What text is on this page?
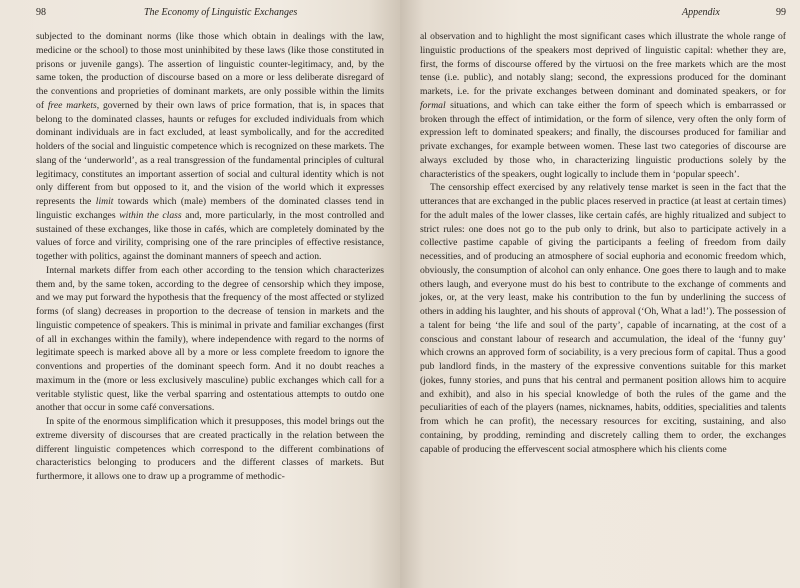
98	The Economy of Linguistic Exchanges

subjected to the dominant norms (like those which obtain in dealings with the law, medicine or the school) to those most uninhibited by these laws (like those constituted in prisons or juvenile gangs). The assertion of linguistic counter-legitimacy, and, by the same token, the production of discourse based on a more or less deliberate disregard of the conventions and proprieties of dominant markets, are only possible within the limits of free markets, governed by their own laws of price formation, that is, in spaces that belong to the dominated classes, haunts or refuges for excluded individuals from which dominant individuals are in fact excluded, at least symbolically, and for the accredited holders of the social and linguistic competence which is recognized on these markets. The slang of the ‘underworld’, as a real transgression of the fundamental principles of cultural legitimacy, constitutes an important assertion of social and cultural identity which is not only different from but opposed to it, and the vision of the world which it expresses represents the limit towards which (male) members of the dominated classes tend in linguistic exchanges within the class and, more particularly, in the most controlled and sustained of these exchanges, like those in cafés, which are completely dominated by the values of force and virility, comprising one of the rare principles of effective resistance, together with politics, against the dominant manners of speech and action.

Internal markets differ from each other according to the tension which characterizes them and, by the same token, according to the degree of censorship which they impose, and we may put forward the hypothesis that the frequency of the most affected or stylized forms (of slang) decreases in proportion to the decrease of tension in markets and the linguistic competence of speakers. This is minimal in private and familiar exchanges (first of all in exchanges within the family), where independence with regard to the norms of legitimate speech is marked above all by a more or less complete freedom to ignore the conventions and properties of the dominant speech form. And it no doubt reaches a maximum in the (more or less exclusively masculine) public exchanges which call for a veritable stylistic quest, like the verbal sparring and ostentatious attempts to outdo one another that occur in some café conversations.

In spite of the enormous simplification which it presupposes, this model brings out the extreme diversity of discourses that are created practically in the relation between the different linguistic competences which correspond to the different combinations of characteristics belonging to producers and the different classes of markets. But furthermore, it allows one to draw up a programme of methodic-

Appendix	99

al observation and to highlight the most significant cases which illustrate the whole range of linguistic productions of the speakers most deprived of linguistic capital: whether they are, first, the forms of discourse offered by the virtuosi on the free markets which are the most tense (i.e. public), and notably slang; second, the expressions produced for the dominant markets, i.e. for the private exchanges between dominant and dominated speakers, or for formal situations, and which can take either the form of speech which is embarrassed or broken through the effect of intimidation, or the form of silence, very often the only form of expression left to dominated speakers; and finally, the discourses produced for familiar and private exchanges, for example between women. These last two categories of discourse are always excluded by those who, in characterizing linguistic productions solely by the characteristics of the speakers, ought logically to include them in ‘popular speech’.

The censorship effect exercised by any relatively tense market is seen in the fact that the utterances that are exchanged in the public places reserved in practice (at least at certain times) for the adult males of the lower classes, like certain cafés, are highly ritualized and subject to strict rules: one does not go to the pub only to drink, but also to participate actively in a collective pastime capable of giving the participants a feeling of freedom from daily necessities, and of producing an atmosphere of social euphoria and economic freedom which, obviously, the consumption of alcohol can only enhance. One goes there to laugh and to make others laugh, and everyone must do his best to contribute to the exchange of comments and jokes, or, at the very least, make his contribution to the fun by underlining the success of others in adding his laughter, and his shouts of approval (‘Oh, What a lad!’). The possession of a talent for being ‘the life and soul of the party’, capable of incarnating, at the cost of a conscious and constant labour of research and accumulation, the ideal of the ‘funny guy’ which crowns an approved form of sociability, is a very precious form of capital. Thus a good pub landlord finds, in the mastery of the expressive conventions suitable for this market (jokes, funny stories, and puns that his central and permanent position allows him to acquire and exhibit), and also in his special knowledge of both the rules of the game and the peculiarities of each of the players (names, nicknames, habits, oddities, specialities and talents from which he can profit), the necessary resources for exciting, sustaining, and also containing, by prodding, reminding and discretely calling them to order, the exchanges capable of producing the effervescent social atmosphere which his clients come
